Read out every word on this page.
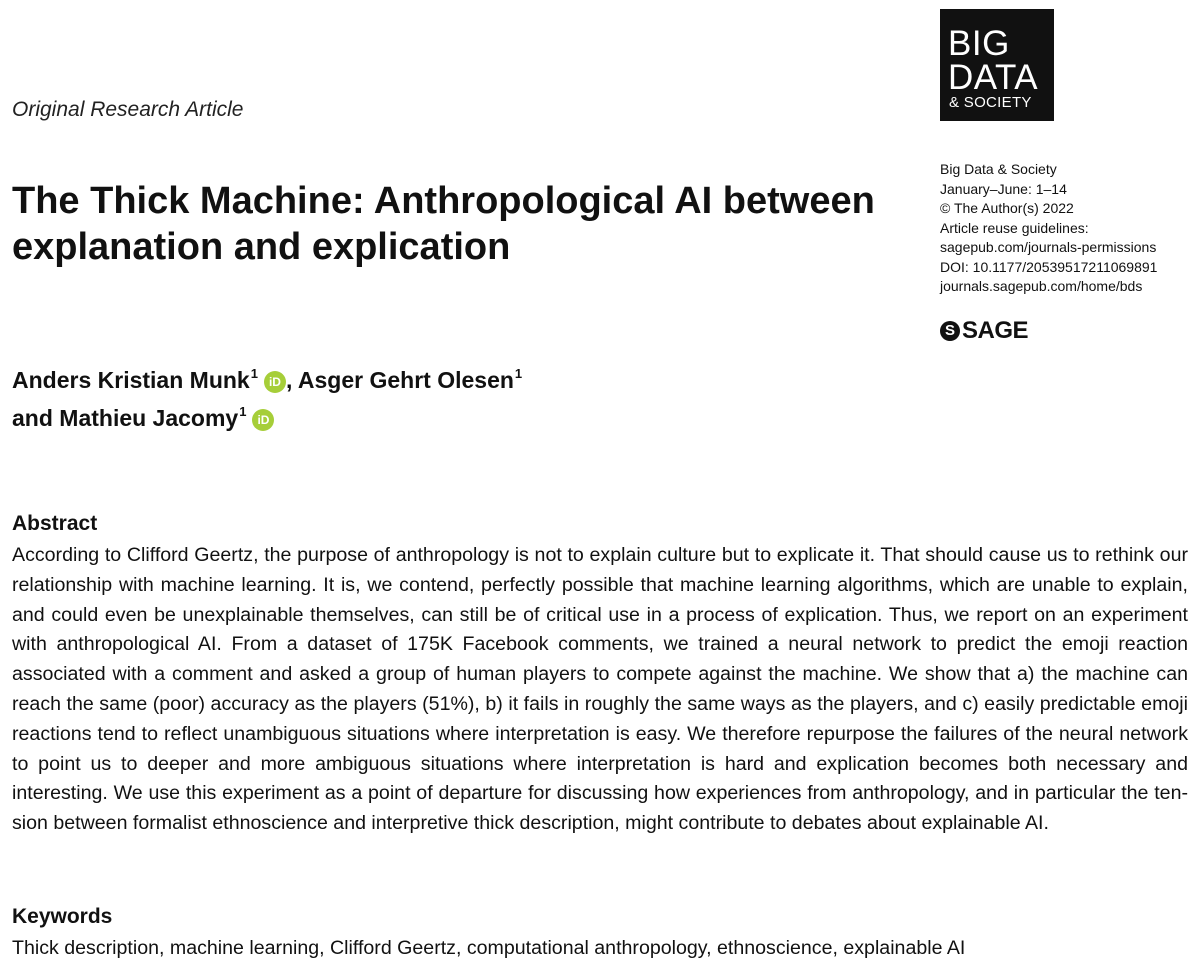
BIG
DATA
& SOCIETY
Original Research Article
The Thick Machine: Anthropological AI between explanation and explication
Big Data & Society
January–June: 1–14
© The Author(s) 2022
Article reuse guidelines:
sagepub.com/journals-permissions
DOI: 10.1177/20539517211069891
journals.sagepub.com/home/bds
S SAGE
Anders Kristian Munk$^1$iD , Asger Gehrt Olesen$^1$
and Mathieu Jacomy$^1$iD
Abstract
According to Clifford Geertz, the purpose of anthropology is not to explain culture but to explicate it. That should cause us to rethink our relationship with machine learning. It is, we contend, perfectly possible that machine learning algorithms, which are unable to explain, and could even be unexplainable themselves, can still be of critical use in a process of explication. Thus, we report on an experiment with anthropological AI. From a dataset of 175K Facebook comments, we trained a neural network to predict the emoji reaction associated with a comment and asked a group of human players to compete against the machine. We show that a) the machine can reach the same (poor) accuracy as the players (51%), b) it fails in roughly the same ways as the players, and c) easily predictable emoji reactions tend to reflect unambiguous situations where interpretation is easy. We therefore repurpose the failures of the neural network to point us to deeper and more ambiguous situations where interpretation is hard and explication becomes both necessary and interesting. We use this experiment as a point of departure for discussing how experiences from anthropology, and in particular the tension between formalist ethnoscience and interpretive thick description, might contribute to debates about explainable AI.
Keywords
Thick description, machine learning, Clifford Geertz, computational anthropology, ethnoscience, explainable AI
